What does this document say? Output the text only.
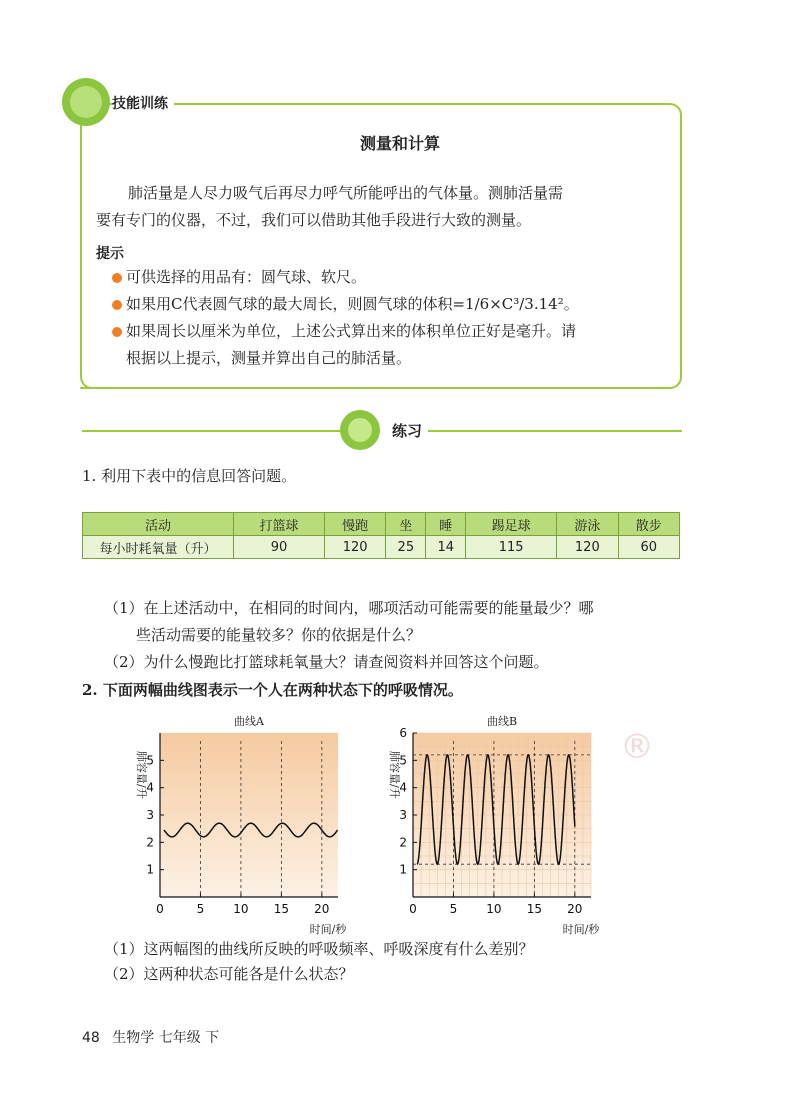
技能训练
测量和计算
肺活量是人尽力吸气后再尽力呼气所能呼出的气体量。测肺活量需
要有专门的仪器，不过，我们可以借助其他手段进行大致的测量。
提示
可供选择的用品有：圆气球、软尺。
如果用C代表圆气球的最大周长，则圆气球的体积=1/6×C³/3.14²。
如果周长以厘米为单位，上述公式算出来的体积单位正好是毫升。请
根据以上提示，测量并算出自己的肺活量。
练习
1. 利用下表中的信息回答问题。
活动	打篮球	慢跑	坐	睡	踢足球	游泳	散步
每小时耗氧量（升）	90	120	25	14	115	120	60
（1）在上述活动中，在相同的时间内，哪项活动可能需要的能量最少？哪
些活动需要的能量较多？你的依据是什么？
（2）为什么慢跑比打篮球耗氧量大？请查阅资料并回答这个问题。
2. 下面两幅曲线图表示一个人在两种状态下的呼吸情况。
®
0	5 10 15 20
1
2
3
4
5
曲线A
肺容量/升
时间/秒
0	5 10 15 20
1
2
3
4
5
6
曲线B
肺容量/升
时间/秒
（1）这两幅图的曲线所反映的呼吸频率、呼吸深度有什么差别？
（2）这两种状态可能各是什么状态？
48 生物学 七年级 下
